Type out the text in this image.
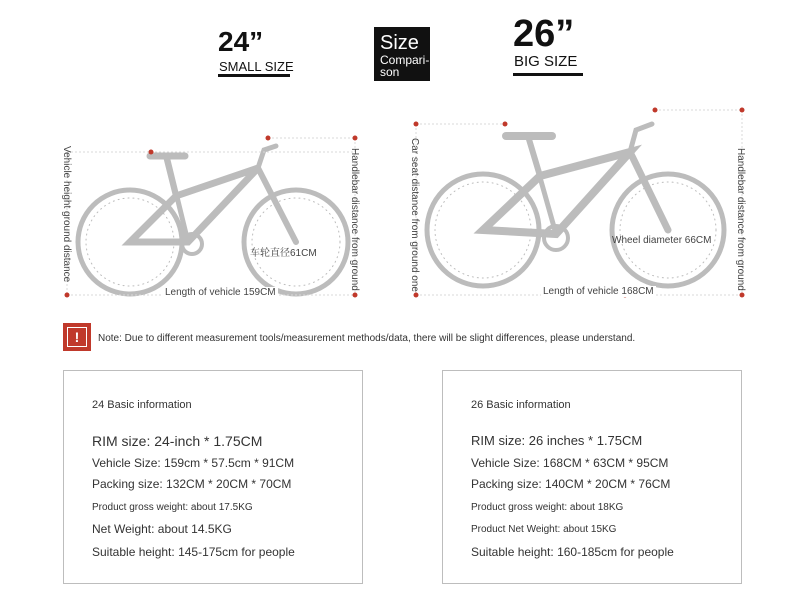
24”
SMALL SIZE
Size
Compari-
son
26”
BIG SIZE
Vehicle height ground distance	Handlebar distance from ground
车轮直径61CM
Length of vehicle 159CM
Car seat distance from ground one	Handlebar distance from ground
Wheel diameter 66CM
Length of vehicle 168CM
!	Note: Due to different measurement tools/measurement methods/data, there will be slight differences, please understand.
24 Basic information
RIM size: 24-inch * 1.75CM
Vehicle Size: 159cm * 57.5cm * 91CM
Packing size: 132CM * 20CM * 70CM
Product gross weight: about 17.5KG
Net Weight: about 14.5KG
Suitable height: 145-175cm for people
26 Basic information
RIM size: 26 inches * 1.75CM
Vehicle Size: 168CM * 63CM * 95CM
Packing size: 140CM * 20CM * 76CM
Product gross weight: about 18KG
Product Net Weight: about 15KG
Suitable height: 160-185cm for people
